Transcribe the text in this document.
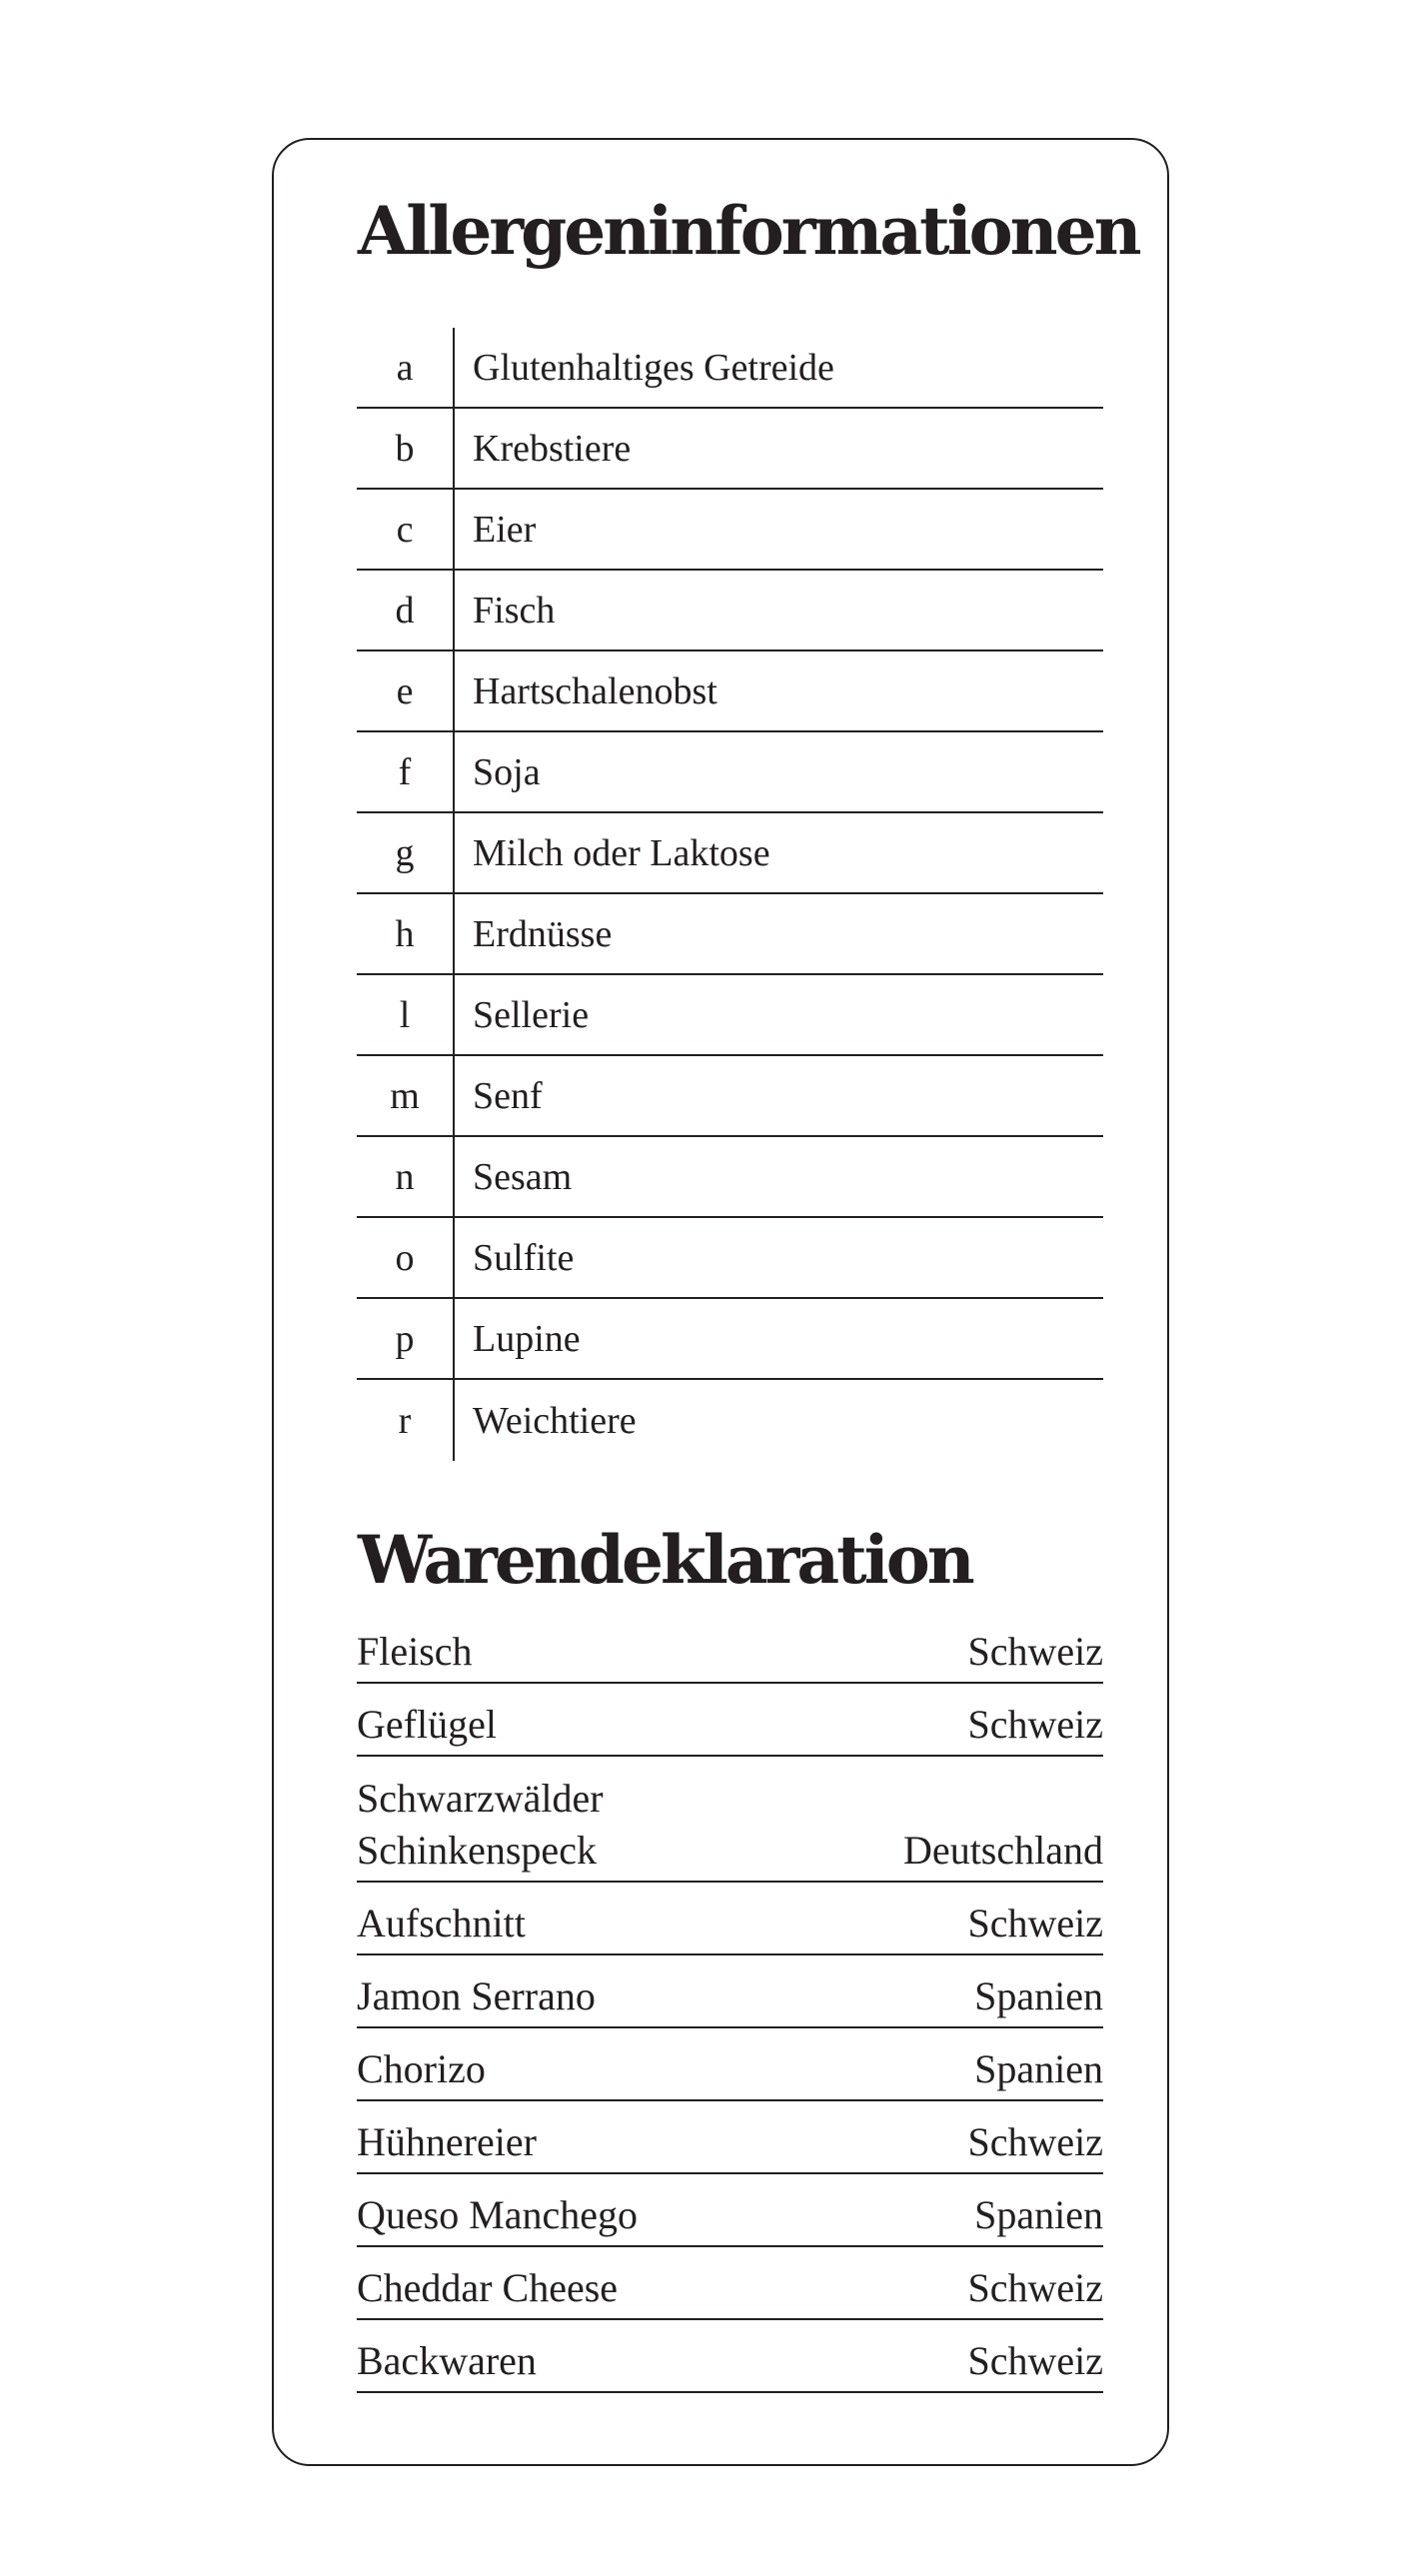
Allergeninformationen
a	Glutenhaltiges Getreide
b	Krebstiere
c	Eier
d	Fisch
e	Hartschalenobst
f	Soja
g	Milch oder Laktose
h	Erdnüsse
l	Sellerie
m	Senf
n	Sesam
o	Sulfite
p	Lupine
r	Weichtiere
Warendeklaration
Fleisch	Schweiz
Geflügel	Schweiz
Schwarzwälder
Schinkenspeck	Deutschland
Aufschnitt	Schweiz
Jamon Serrano	Spanien
Chorizo	Spanien
Hühnereier	Schweiz
Queso Manchego	Spanien
Cheddar Cheese	Schweiz
Backwaren	Schweiz
